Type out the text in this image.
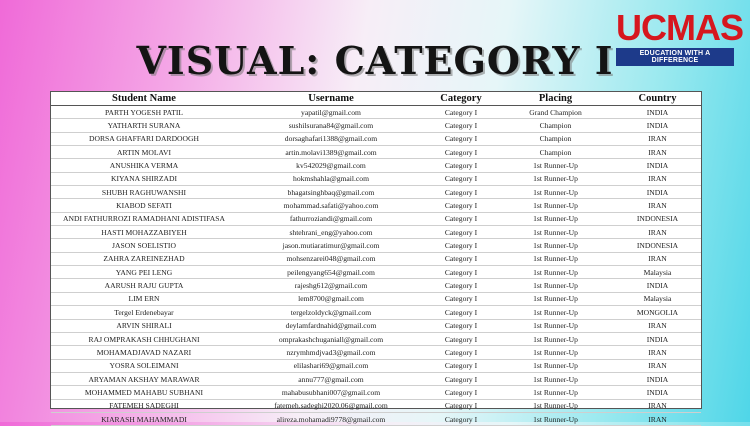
VISUAL: CATEGORY I
UCMAS
EDUCATION WITH A DIFFERENCE
Student Name	Username	Category	Placing	Country
PARTH YOGESH PATIL	yapatil@gmail.com	Category I	Grand Champion	INDIA
YATHARTH SURANA	sushilsurana84@gmail.com	Category I	Champion	INDIA
DORSA GHAFFARI DARDOOGH	dorsaghafari1388@gmail.com	Category I	Champion	IRAN
ARTIN MOLAVI	artin.molavi1389@gmail.com	Category I	Champion	IRAN
ANUSHIKA VERMA	kv542029@gmail.com	Category I	1st Runner-Up	INDIA
KIYANA SHIRZADI	hokmshahla@gmail.com	Category I	1st Runner-Up	IRAN
SHUBH RAGHUWANSHI	bhagatsinghbaq@gmail.com	Category I	1st Runner-Up	INDIA
KIABOD SEFATI	mohammad.safati@yahoo.com	Category I	1st Runner-Up	IRAN
ANDI FATHURROZI RAMADHANI ADISTIFASA	fathurroziandi@gmail.com	Category I	1st Runner-Up	INDONESIA
HASTI MOHAZZABIYEH	shtehrani_eng@yahoo.com	Category I	1st Runner-Up	IRAN
JASON SOELISTIO	jason.mutiaratimur@gmail.com	Category I	1st Runner-Up	INDONESIA
ZAHRA ZAREINEZHAD	mohsenzarei048@gmail.com	Category I	1st Runner-Up	IRAN
YANG PEI LENG	peilengyang654@gmail.com	Category I	1st Runner-Up	Malaysia
AARUSH RAJU GUPTA	rajeshg612@gmail.com	Category I	1st Runner-Up	INDIA
LIM ERN	lem8700@gmail.com	Category I	1st Runner-Up	Malaysia
Tergel Erdenebayar	tergelzoldyck@gmail.com	Category I	1st Runner-Up	MONGOLIA
ARVIN SHIRALI	deylamfardnahid@gmail.com	Category I	1st Runner-Up	IRAN
RAJ OMPRAKASH CHHUGHANI	omprakashchuganiall@gmail.com	Category I	1st Runner-Up	INDIA
MOHAMADJAVAD NAZARI	nzrymhmdjvad3@gmail.com	Category I	1st Runner-Up	IRAN
YOSRA SOLEIMANI	elilashari69@gmail.com	Category I	1st Runner-Up	IRAN
ARYAMAN AKSHAY MARAWAR	annu777@gmail.com	Category I	1st Runner-Up	INDIA
MOHAMMED MAHABU SUBHANI	mahabusubhani007@gmail.com	Category I	1st Runner-Up	INDIA
FATEMEH SADEGHI	fatemeh.sadeghi2020.06@gmail.com	Category I	1st Runner-Up	IRAN
KIARASH MAHAMMADI	alireza.mohamadi9778@gmail.com	Category I	1st Runner-Up	IRAN
